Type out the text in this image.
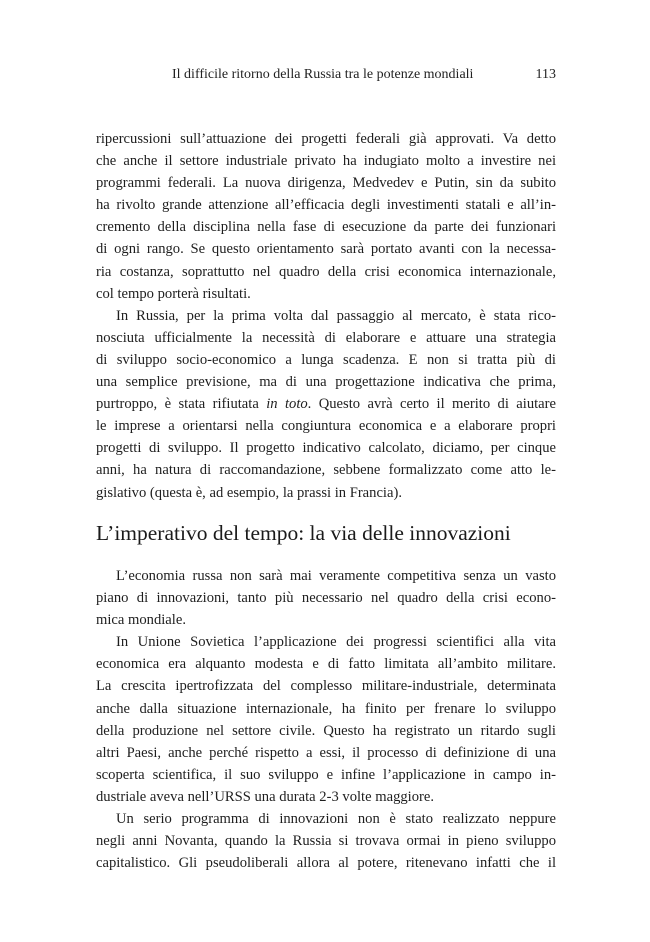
Il difficile ritorno della Russia tra le potenze mondiali	113
ripercussioni sull’attuazione dei progetti federali già approvati. Va detto
che anche il settore industriale privato ha indugiato molto a investire nei
programmi federali. La nuova dirigenza, Medvedev e Putin, sin da subito
ha rivolto grande attenzione all’efficacia degli investimenti statali e all’in-
cremento della disciplina nella fase di esecuzione da parte dei funzionari
di ogni rango. Se questo orientamento sarà portato avanti con la necessa-
ria costanza, soprattutto nel quadro della crisi economica internazionale,
col tempo porterà risultati.
In Russia, per la prima volta dal passaggio al mercato, è stata rico-
nosciuta ufficialmente la necessità di elaborare e attuare una strategia
di sviluppo socio-economico a lunga scadenza. E non si tratta più di
una semplice previsione, ma di una progettazione indicativa che prima,
purtroppo, è stata rifiutata in toto. Questo avrà certo il merito di aiutare
le imprese a orientarsi nella congiuntura economica e a elaborare propri
progetti di sviluppo. Il progetto indicativo calcolato, diciamo, per cinque
anni, ha natura di raccomandazione, sebbene formalizzato come atto le-
gislativo (questa è, ad esempio, la prassi in Francia).
L’imperativo del tempo: la via delle innovazioni
L’economia russa non sarà mai veramente competitiva senza un vasto
piano di innovazioni, tanto più necessario nel quadro della crisi econo-
mica mondiale.
In Unione Sovietica l’applicazione dei progressi scientifici alla vita
economica era alquanto modesta e di fatto limitata all’ambito militare.
La crescita ipertrofizzata del complesso militare-industriale, determinata
anche dalla situazione internazionale, ha finito per frenare lo sviluppo
della produzione nel settore civile. Questo ha registrato un ritardo sugli
altri Paesi, anche perché rispetto a essi, il processo di definizione di una
scoperta scientifica, il suo sviluppo e infine l’applicazione in campo in-
dustriale aveva nell’URSS una durata 2-3 volte maggiore.
Un serio programma di innovazioni non è stato realizzato neppure
negli anni Novanta, quando la Russia si trovava ormai in pieno sviluppo
capitalistico. Gli pseudoliberali allora al potere, ritenevano infatti che il
